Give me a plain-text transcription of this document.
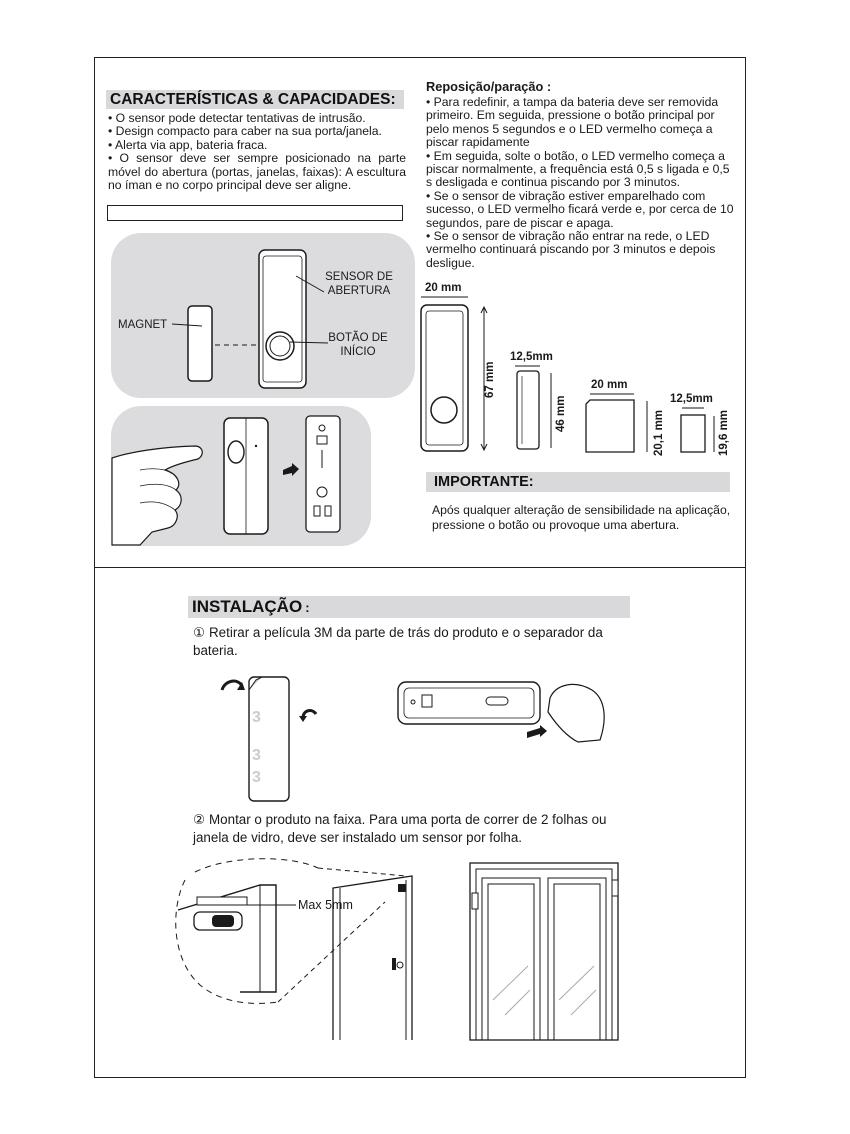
CARACTERÍSTICAS & CAPACIDADES:

• O sensor pode detectar tentativas de intrusão.

• Design compacto para caber na sua porta/janela.

• Alerta via app, bateria fraca.

• O sensor deve ser sempre posicionado na parte móvel do abertura (portas, janelas, faixas): A escultura no íman e no corpo principal deve ser aligne.

Reposição/paração :

• Para redefinir, a tampa da bateria deve ser removida primeiro. Em seguida, pressione o botão principal por pelo menos 5 segundos e o LED vermelho começa a piscar rapidamente

• Em seguida, solte o botão, o LED vermelho começa a piscar normalmente, a frequência está 0,5 s ligada e 0,5 s desligada e continua piscando por 3 minutos.

• Se o sensor de vibração estiver emparelhado com sucesso, o LED vermelho ficará verde e, por cerca de 10 segundos, pare de piscar e apaga.

• Se o sensor de vibração não entrar na rede, o LED vermelho continuará piscando por 3 minutos e depois desligue.

SENSOR DE ABERTURA
MAGNET
BOTÃO DE INÍCIO
20 mm
67 mm
12,5mm
46 mm
20 mm
20,1 mm
12,5mm
19,6 mm
IMPORTANTE:
Após qualquer alteração de sensibilidade na aplicação, pressione o botão ou provoque uma abertura.
INSTALAÇÃO :
① Retirar a película 3M da parte de trás do produto e o separador da bateria.
3
3
3
② Montar o produto na faixa. Para uma porta de correr de 2 folhas ou janela de vidro, deve ser instalado um sensor por folha.
Max 5mm
